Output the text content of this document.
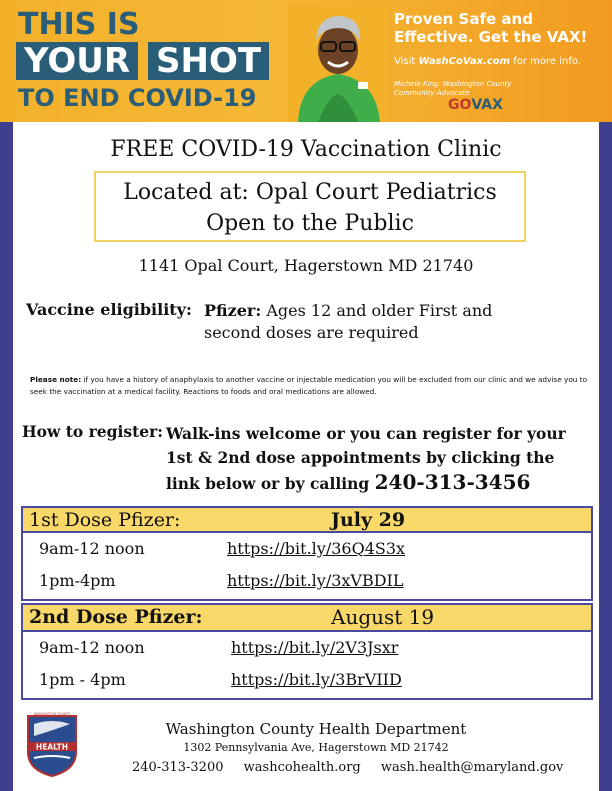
THIS IS
YOUR SHOT
TO END COVID-19
Proven Safe and Effective. Get the VAX!
Visit WashCoVax.com for more info.
Michele King: Washington County Community Advocate
GOVAX
FREE COVID-19 Vaccination Clinic
Located at: Opal Court Pediatrics
Open to the Public
1141 Opal Court, Hagerstown MD 21740
Vaccine eligibility: Pfizer: Ages 12 and older First and second doses are required
Please note: if you have a history of anaphylaxis to another vaccine or injectable medication you will be excluded from our clinic and we advise you to seek the vaccination at a medical facility. Reactions to foods and oral medications are allowed.
How to register: Walk-ins welcome or you can register for your 1st & 2nd dose appointments by clicking the link below or by calling 240-313-3456
1st Dose Pfizer:	July 29
9am-12 noon	https://bit.ly/36Q4S3x
1pm-4pm	https://bit.ly/3xVBDIL
2nd Dose Pfizer:	August 19
9am-12 noon	https://bit.ly/2V3Jsxr
1pm - 4pm	https://bit.ly/3BrVIID
HEALTH
WASHINGTON COUNTY
Washington County Health Department
1302 Pennsylvania Ave, Hagerstown MD 21742
240-313-3200 washcohealth.org wash.health@maryland.gov
